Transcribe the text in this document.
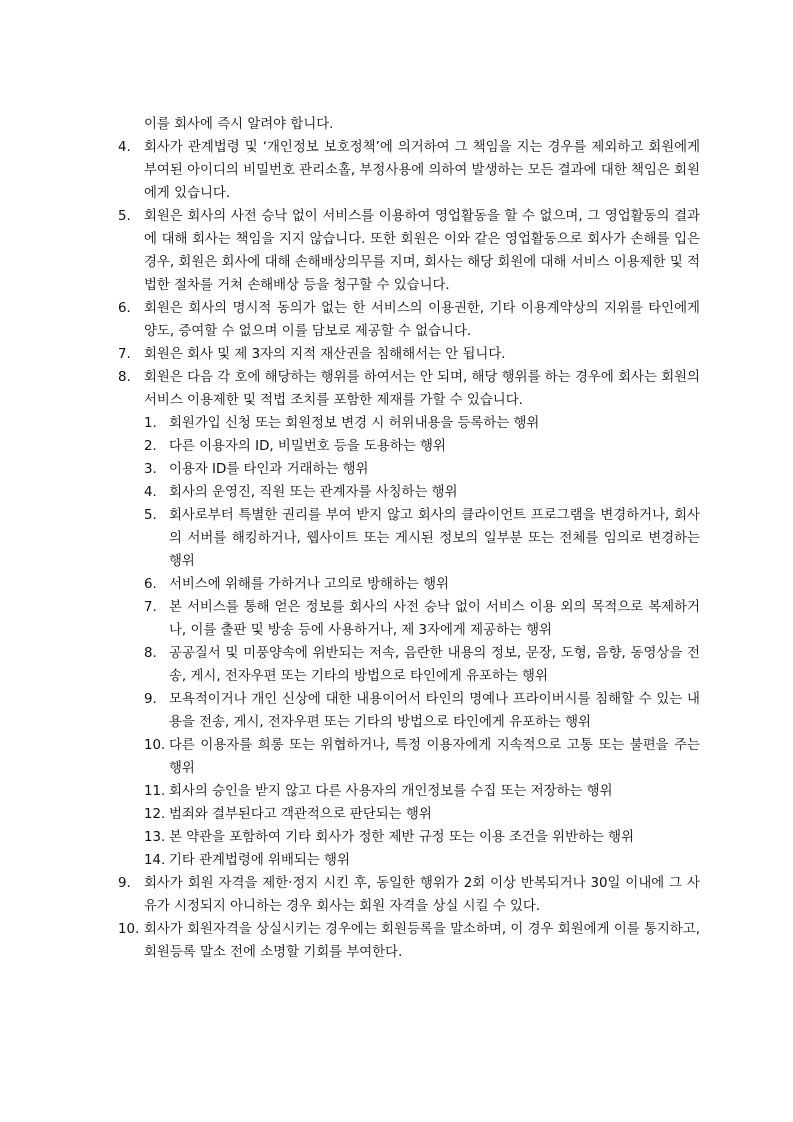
이를 회사에 즉시 알려야 합니다.

4. 회사가 관계법령 및 ‘개인정보 보호정책’에 의거하여 그 책임을 지는 경우를 제외하고 회원에게 부여된 아이디의 비밀번호 관리소홀, 부정사용에 의하여 발생하는 모든 결과에 대한 책임은 회원에게 있습니다.
5. 회원은 회사의 사전 승낙 없이 서비스를 이용하여 영업활동을 할 수 없으며, 그 영업활동의 결과에 대해 회사는 책임을 지지 않습니다. 또한 회원은 이와 같은 영업활동으로 회사가 손해를 입은 경우, 회원은 회사에 대해 손해배상의무를 지며, 회사는 해당 회원에 대해 서비스 이용제한 및 적법한 절차를 거쳐 손해배상 등을 청구할 수 있습니다.
6. 회원은 회사의 명시적 동의가 없는 한 서비스의 이용권한, 기타 이용계약상의 지위를 타인에게 양도, 증여할 수 없으며 이를 담보로 제공할 수 없습니다.
7. 회원은 회사 및 제 3자의 지적 재산권을 침해해서는 안 됩니다.
8. 회원은 다음 각 호에 해당하는 행위를 하여서는 안 되며, 해당 행위를 하는 경우에 회사는 회원의 서비스 이용제한 및 적법 조치를 포함한 제재를 가할 수 있습니다.
1. 회원가입 신청 또는 회원정보 변경 시 허위내용을 등록하는 행위
2. 다른 이용자의 ID, 비밀번호 등을 도용하는 행위
3. 이용자 ID를 타인과 거래하는 행위
4. 회사의 운영진, 직원 또는 관계자를 사칭하는 행위
5. 회사로부터 특별한 권리를 부여 받지 않고 회사의 클라이언트 프로그램을 변경하거나, 회사의 서버를 해킹하거나, 웹사이트 또는 게시된 정보의 일부분 또는 전체를 임의로 변경하는 행위
6. 서비스에 위해를 가하거나 고의로 방해하는 행위
7. 본 서비스를 통해 얻은 정보를 회사의 사전 승낙 없이 서비스 이용 외의 목적으로 복제하거나, 이를 출판 및 방송 등에 사용하거나, 제 3자에게 제공하는 행위
8. 공공질서 및 미풍양속에 위반되는 저속, 음란한 내용의 정보, 문장, 도형, 음향, 동영상을 전송, 게시, 전자우편 또는 기타의 방법으로 타인에게 유포하는 행위
9. 모욕적이거나 개인 신상에 대한 내용이어서 타인의 명예나 프라이버시를 침해할 수 있는 내용을 전송, 게시, 전자우편 또는 기타의 방법으로 타인에게 유포하는 행위
10. 다른 이용자를 희롱 또는 위협하거나, 특정 이용자에게 지속적으로 고통 또는 불편을 주는 행위
11. 회사의 승인을 받지 않고 다른 사용자의 개인정보를 수집 또는 저장하는 행위
12. 범죄와 결부된다고 객관적으로 판단되는 행위
13. 본 약관을 포함하여 기타 회사가 정한 제반 규정 또는 이용 조건을 위반하는 행위
14. 기타 관계법령에 위배되는 행위
9. 회사가 회원 자격을 제한·정지 시킨 후, 동일한 행위가 2회 이상 반복되거나 30일 이내에 그 사유가 시정되지 아니하는 경우 회사는 회원 자격을 상실 시킬 수 있다.
10. 회사가 회원자격을 상실시키는 경우에는 회원등록을 말소하며, 이 경우 회원에게 이를 통지하고, 회원등록 말소 전에 소명할 기회를 부여한다.
